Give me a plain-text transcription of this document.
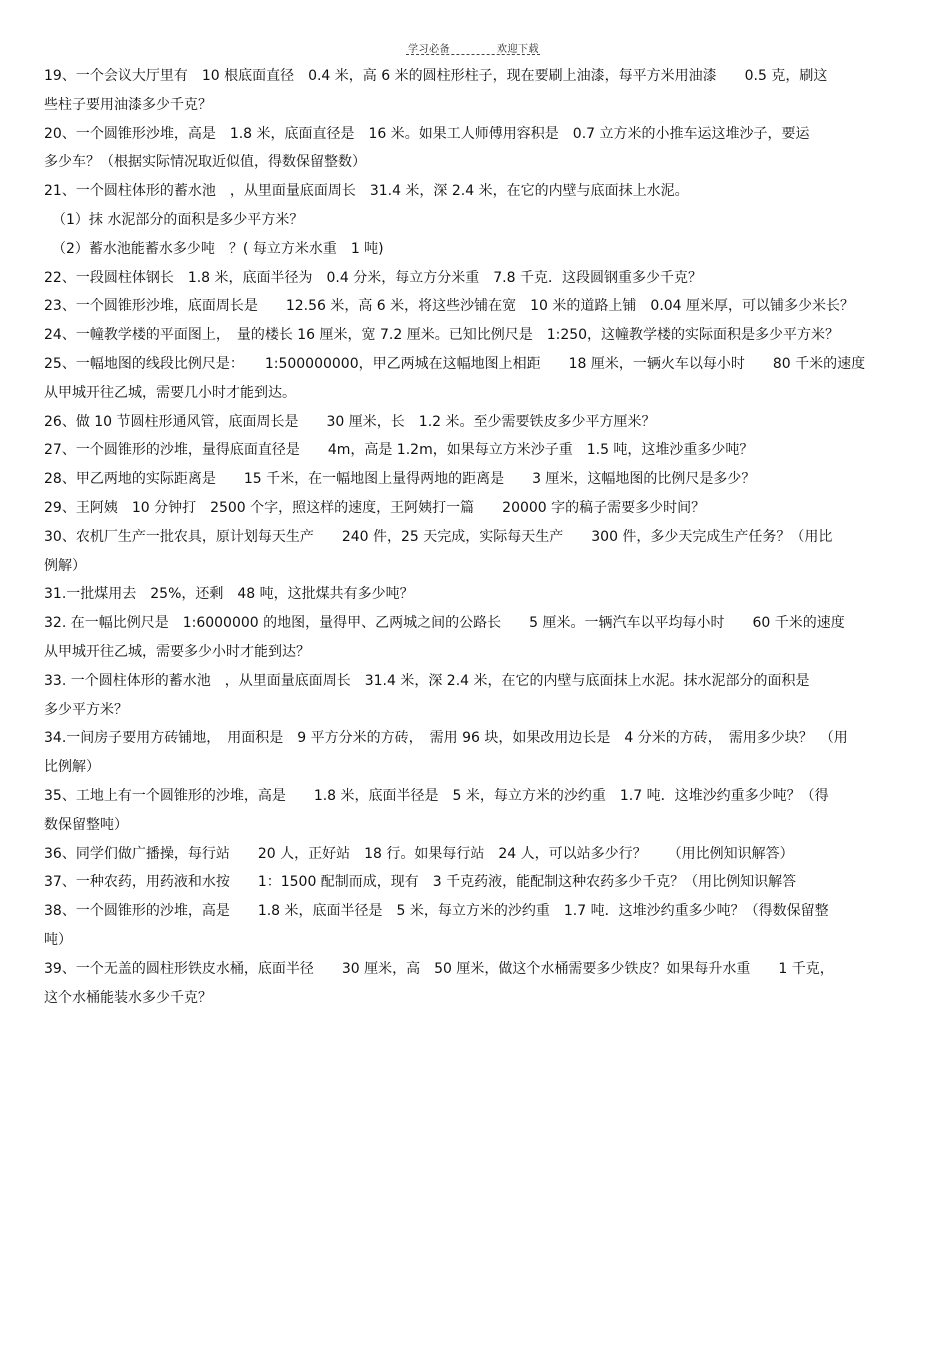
学习必备	欢迎下载
19、一个会议大厅里有　10 根底面直径　0.4 米，高 6 米的圆柱形柱子，现在要刷上油漆，每平方米用油漆　　0.5 克，刷这
些柱子要用油漆多少千克？
20、一个圆锥形沙堆，高是　1.8 米，底面直径是　16 米。如果工人师傅用容积是　0.7 立方米的小推车运这堆沙子，要运
多少车？（根据实际情况取近似值，得数保留整数）
21、一个圆柱体形的蓄水池　，从里面量底面周长　31.4 米，深 2.4 米，在它的内壁与底面抹上水泥。
（1）抹 水泥部分的面积是多少平方米？
（2）蓄水池能蓄水多少吨　？( 每立方米水重　1 吨)
22、一段圆柱体钢长　1.8 米，底面半径为　0.4 分米，每立方分米重　7.8 千克．这段圆钢重多少千克？
23、一个圆锥形沙堆，底面周长是　　12.56 米，高 6 米，将这些沙铺在宽　10 米的道路上铺　0.04 厘米厚，可以铺多少米长？
24、一幢教学楼的平面图上，　量的楼长 16 厘米，宽 7.2 厘米。已知比例尺是　1:250，这幢教学楼的实际面积是多少平方米？
25、一幅地图的线段比例尺是：　　1:500000000，甲乙两城在这幅地图上相距　　18 厘米，一辆火车以每小时　　80 千米的速度
从甲城开往乙城，需要几小时才能到达。
26、做 10 节圆柱形通风管，底面周长是　　30 厘米，长　1.2 米。至少需要铁皮多少平方厘米？
27、一个圆锥形的沙堆，量得底面直径是　　4m，高是 1.2m，如果每立方米沙子重　1.5 吨，这堆沙重多少吨？
28、甲乙两地的实际距离是　　15 千米，在一幅地图上量得两地的距离是　　3 厘米，这幅地图的比例尺是多少？
29、王阿姨　10 分钟打　2500 个字，照这样的速度，王阿姨打一篇　　20000 字的稿子需要多少时间？
30、农机厂生产一批农具，原计划每天生产　　240 件，25 天完成，实际每天生产　　300 件，多少天完成生产任务？（用比
例解）
31.一批煤用去　25%，还剩　48 吨，这批煤共有多少吨？
32. 在一幅比例尺是　1:6000000 的地图，量得甲、乙两城之间的公路长　　5 厘米。一辆汽车以平均每小时　　60 千米的速度
从甲城开往乙城，需要多少小时才能到达？
33. 一个圆柱体形的蓄水池　，从里面量底面周长　31.4 米，深 2.4 米，在它的内壁与底面抹上水泥。抹水泥部分的面积是
多少平方米？
34.一间房子要用方砖铺地，　用面积是　9 平方分米的方砖，　需用 96 块，如果改用边长是　4 分米的方砖，　需用多少块？　（用
比例解）
35、工地上有一个圆锥形的沙堆，高是　　1.8 米，底面半径是　5 米，每立方米的沙约重　1.7 吨．这堆沙约重多少吨？（得
数保留整吨）
36、同学们做广播操，每行站　　20 人，正好站　18 行。如果每行站　24 人，可以站多少行？　　（用比例知识解答）
37、一种农药，用药液和水按　　1：1500 配制而成，现有　3 千克药液，能配制这种农药多少千克？（用比例知识解答
38、一个圆锥形的沙堆，高是　　1.8 米，底面半径是　5 米，每立方米的沙约重　1.7 吨．这堆沙约重多少吨？（得数保留整
吨）
39、一个无盖的圆柱形铁皮水桶，底面半径　　30 厘米，高　50 厘米，做这个水桶需要多少铁皮？如果每升水重　　1 千克，
这个水桶能装水多少千克？
